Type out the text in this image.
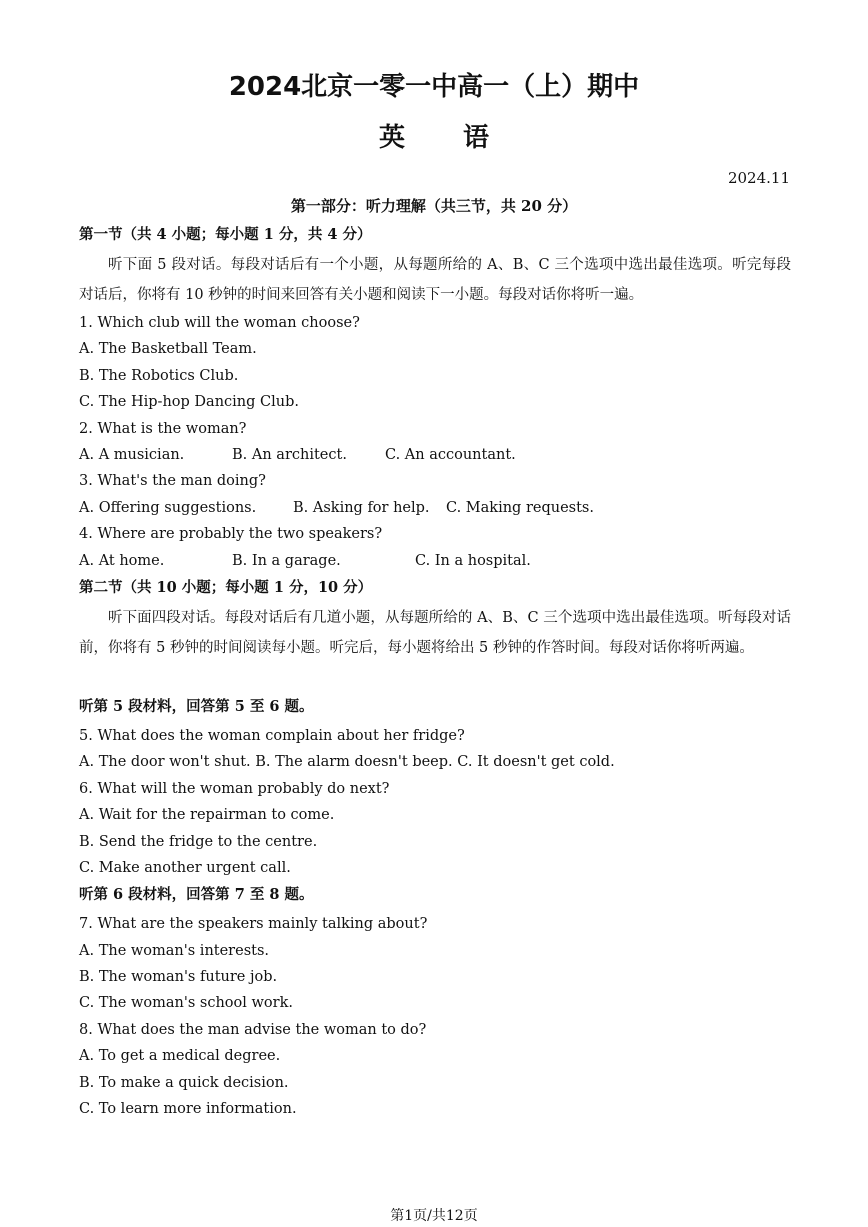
2024北京一零一中高一（上）期中
英语
2024.11
第一部分：听力理解（共三节，共 20 分）
第一节（共 4 小题；每小题 1 分，共 4 分）
听下面 5 段对话。每段对话后有一个小题，从每题所给的 A、B、C 三个选项中选出最佳选项。听完每段对话后，你将有 10 秒钟的时间来回答有关小题和阅读下一小题。每段对话你将听一遍。
1. Which club will the woman choose?
A. The Basketball Team.
B. The Robotics Club.
C. The Hip-hop Dancing Club.
2. What is the woman?
A. A musician.	B. An architect.	C. An accountant.
3. What's the man doing?
A. Offering suggestions.	B. Asking for help. C. Making requests.
4. Where are probably the two speakers?
A. At home.	B. In a garage.	C. In a hospital.
第二节（共 10 小题；每小题 1 分，10 分）
听下面四段对话。每段对话后有几道小题，从每题所给的 A、B、C 三个选项中选出最佳选项。听每段对话前，你将有 5 秒钟的时间阅读每小题。听完后，每小题将给出 5 秒钟的作答时间。每段对话你将听两遍。
听第 5 段材料，回答第 5 至 6 题。
5. What does the woman complain about her fridge?
A. The door won't shut. B. The alarm doesn't beep. C. It doesn't get cold.
6. What will the woman probably do next?
A. Wait for the repairman to come.
B. Send the fridge to the centre.
C. Make another urgent call.
听第 6 段材料，回答第 7 至 8 题。
7. What are the speakers mainly talking about?
A. The woman's interests.
B. The woman's future job.
C. The woman's school work.
8. What does the man advise the woman to do?
A. To get a medical degree.
B. To make a quick decision.
C. To learn more information.
第1页/共12页
